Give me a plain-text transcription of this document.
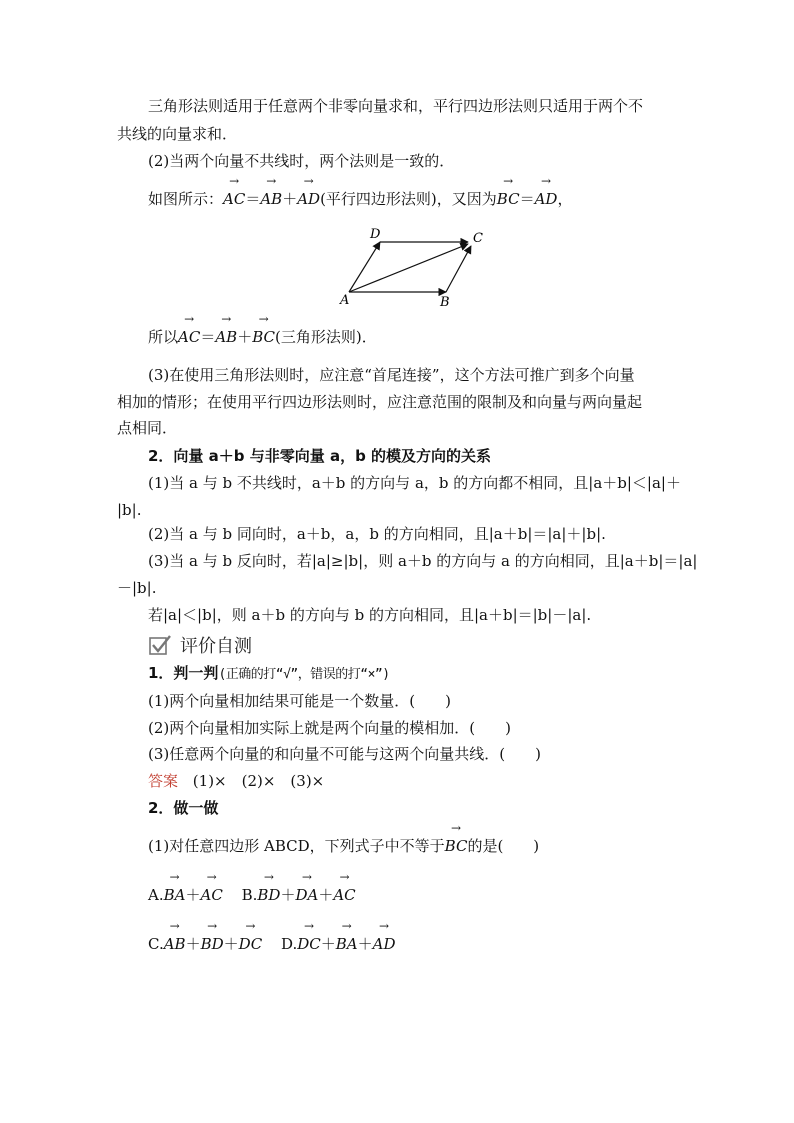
三角形法则适用于任意两个非零向量求和，平行四边形法则只适用于两个不
共线的向量求和．
(2)当两个向量不共线时，两个法则是一致的．
如图所示：→ AC＝→ AB＋→ AD(平行四边形法则)，又因为→ BC＝→ AD，
A	B
C
D
所以→ AC＝→ AB＋→ BC(三角形法则)．
(3)在使用三角形法则时，应注意“首尾连接”，这个方法可推广到多个向量
相加的情形；在使用平行四边形法则时，应注意范围的限制及和向量与两向量起
点相同．
2．向量 a＋b 与非零向量 a，b 的模及方向的关系
(1)当 a 与 b 不共线时，a＋b 的方向与 a，b 的方向都不相同，且|a＋b|＜|a|＋
|b|.
(2)当 a 与 b 同向时，a＋b，a，b 的方向相同，且|a＋b|＝|a|＋|b|.
(3)当 a 与 b 反向时，若|a|≥|b|，则 a＋b 的方向与 a 的方向相同，且|a＋b|＝|a|
－|b|.
若|a|＜|b|，则 a＋b 的方向与 b 的方向相同，且|a＋b|＝|b|－|a|.
评价自测
1．判一判(正确的打“√”，错误的打“×”)
(1)两个向量相加结果可能是一个数量．(　　)
(2)两个向量相加实际上就是两个向量的模相加．(　　)
(3)任意两个向量的和向量不可能与这两个向量共线．(　　)
答案 (1)×　(2)×　(3)×
2．做一做
(1)对任意四边形 ABCD，下列式子中不等于→ BC的是(　　)
A.→ BA＋→ AC B.→ BD＋→ DA＋→ AC
C.→ AB＋→ BD＋→ DC D.→ DC＋→ BA＋→ AD
